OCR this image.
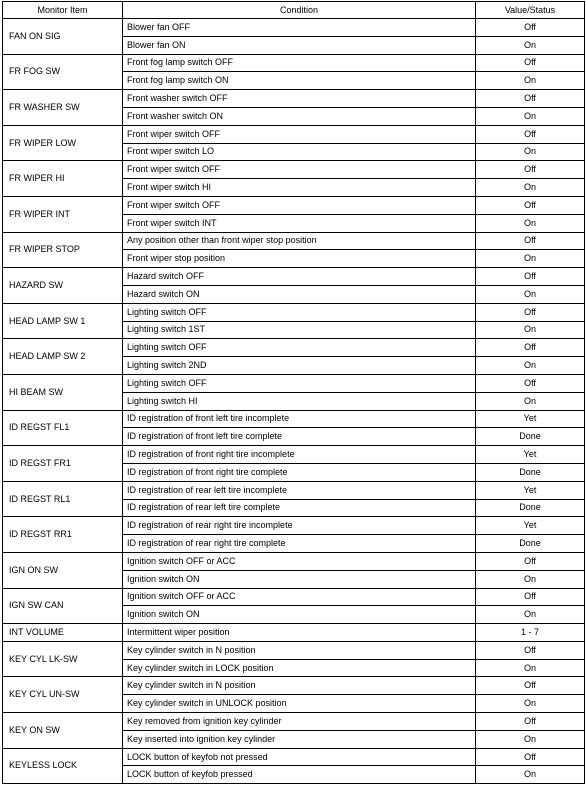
Monitor Item	Condition	Value/Status
FAN ON SIG	Blower fan OFF	Off
	Blower fan ON	On
FR FOG SW	Front fog lamp switch OFF	Off
	Front fog lamp switch ON	On
FR WASHER SW	Front washer switch OFF	Off
	Front washer switch ON	On
FR WIPER LOW	Front wiper switch OFF	Off
	Front wiper switch LO	On
FR WIPER HI	Front wiper switch OFF	Off
	Front wiper switch HI	On
FR WIPER INT	Front wiper switch OFF	Off
	Front wiper switch INT	On
FR WIPER STOP	Any position other than front wiper stop position	Off
	Front wiper stop position	On
HAZARD SW	Hazard switch OFF	Off
	Hazard switch ON	On
HEAD LAMP SW 1	Lighting switch OFF	Off
	Lighting switch 1ST	On
HEAD LAMP SW 2	Lighting switch OFF	Off
	Lighting switch 2ND	On
HI BEAM SW	Lighting switch OFF	Off
	Lighting switch HI	On
ID REGST FL1	ID registration of front left tire incomplete	Yet
	ID registration of front left tire complete	Done
ID REGST FR1	ID registration of front right tire incomplete	Yet
	ID registration of front right tire complete	Done
ID REGST RL1	ID registration of rear left tire incomplete	Yet
	ID registration of rear left tire complete	Done
ID REGST RR1	ID registration of rear right tire incomplete	Yet
	ID registration of rear right tire complete	Done
IGN ON SW	Ignition switch OFF or ACC	Off
	Ignition switch ON	On
IGN SW CAN	Ignition switch OFF or ACC	Off
	Ignition switch ON	On
INT VOLUME	Intermittent wiper position	1 - 7
KEY CYL LK-SW	Key cylinder switch in N position	Off
	Key cylinder switch in LOCK position	On
KEY CYL UN-SW	Key cylinder switch in N position	Off
	Key cylinder switch in UNLOCK position	On
KEY ON SW	Key removed from ignition key cylinder	Off
	Key inserted into ignition key cylinder	On
KEYLESS LOCK	LOCK button of keyfob not pressed	Off
	LOCK button of keyfob pressed	On
